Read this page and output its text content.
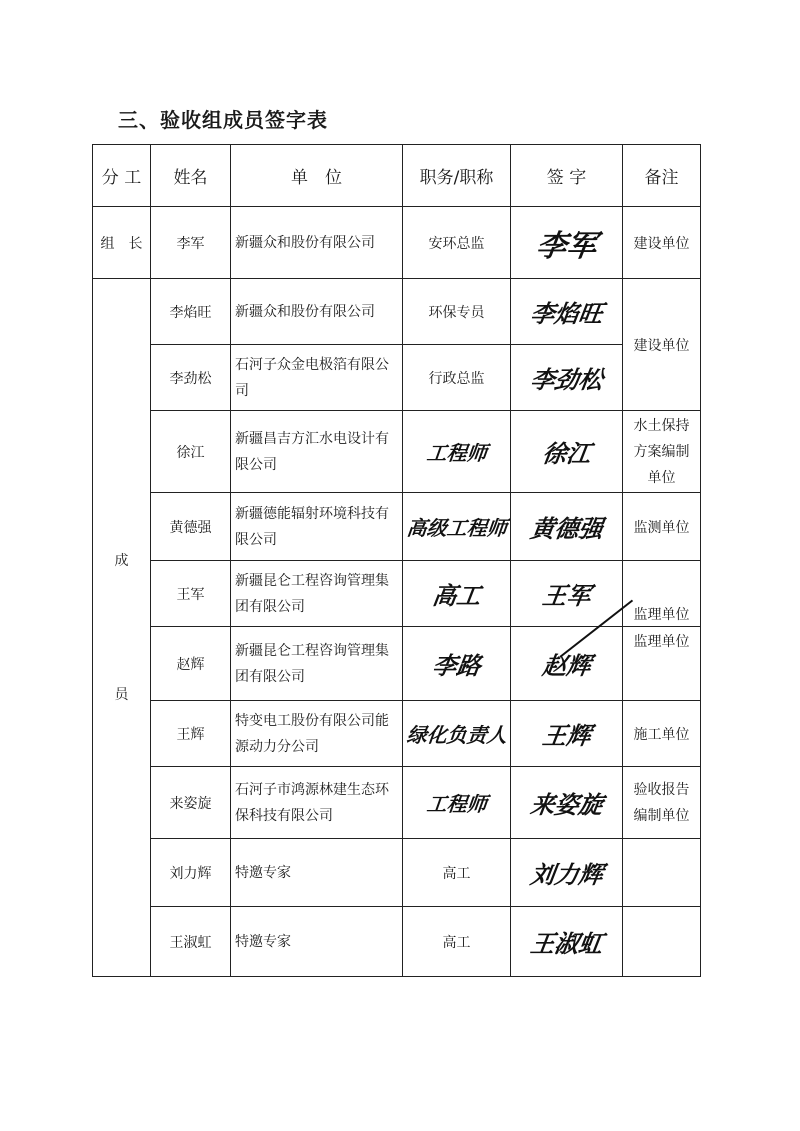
三、验收组成员签字表
分 工	姓名	单　位	职务/职称	签 字	备注
组　长	李军	新疆众和股份有限公司	安环总监	李军	建设单位

成
员	李焰旺	新疆众和股份有限公司	环保专员	李焰旺	建设单位
	李劲松	石河子众金电极箔有限公司	行政总监	李劲松	
	徐江	新疆昌吉方汇水电设计有限公司	工程师	徐江	水土保持方案编制单位
	黄德强	新疆德能辐射环境科技有限公司	高级工程师	黄德强	监测单位
	王军	新疆昆仑工程咨询管理集团有限公司	高工	王军	监理单位
	赵辉	新疆昆仑工程咨询管理集团有限公司	李路	赵辉	监理单位
	王辉	特变电工股份有限公司能源动力分公司	绿化负责人	王辉	施工单位
	来姿旋	石河子市鸿源林建生态环保科技有限公司	工程师	来姿旋	验收报告编制单位
	刘力辉	特邀专家	高工	刘力辉	
	王淑虹	特邀专家	高工	王淑虹	
